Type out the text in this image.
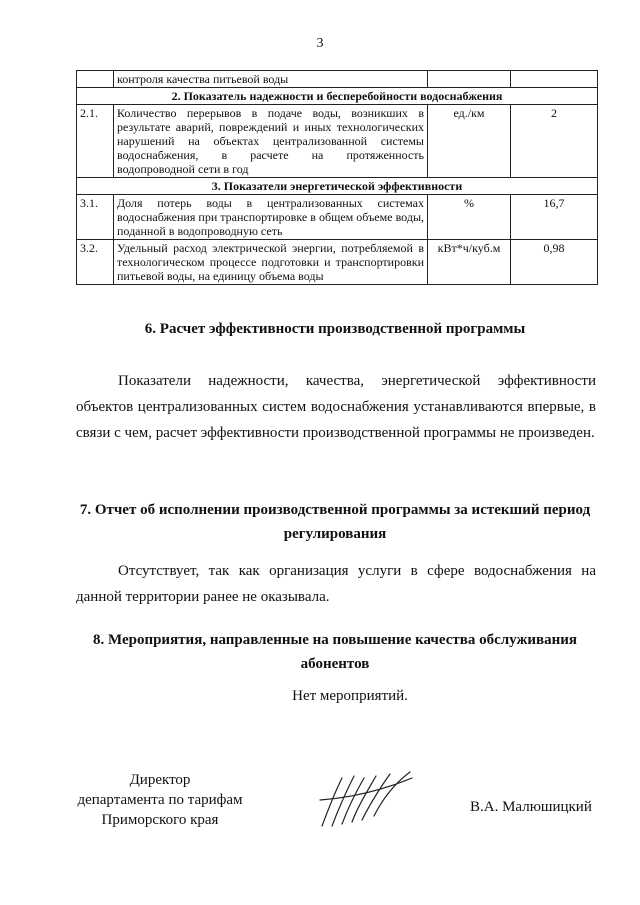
3
	контроля качества питьевой воды		
2. Показатель надежности и бесперебойности водоснабжения			
2.1.	Количество перерывов в подаче воды, возникших в результате аварий, повреждений и иных технологических нарушений на объектах централизованной системы водоснабжения, в расчете на протяженность водопроводной сети в год	ед./км	2
3. Показатели энергетической эффективности			
3.1.	Доля потерь воды в централизованных системах водоснабжения при транспортировке в общем объеме воды, поданной в водопроводную сеть	%	16,7
3.2.	Удельный расход электрической энергии, потребляемой в технологическом процессе подготовки и транспортировки питьевой воды, на единицу объема воды	кВт*ч/куб.м	0,98
6. Расчет эффективности производственной программы
Показатели надежности, качества, энергетической эффективности объектов централизованных систем водоснабжения устанавливаются впервые, в связи с чем, расчет эффективности производственной программы не произведен.
7. Отчет об исполнении производственной программы за истекший период регулирования
Отсутствует, так как организация услуги в сфере водоснабжения на данной территории ранее не оказывала.
8. Мероприятия, направленные на повышение качества обслуживания абонентов
Нет мероприятий.
Директор
департамента по тарифам
Приморского края
В.А. Малюшицкий
